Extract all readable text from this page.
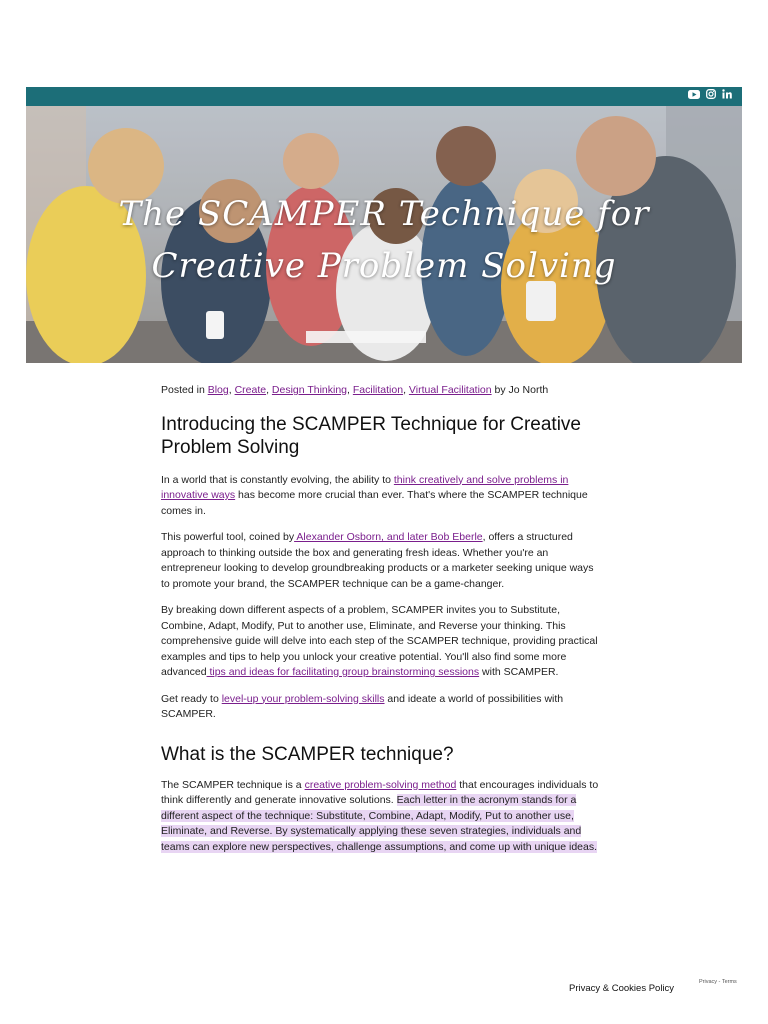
The SCAMPER Technique for Creative Problem Solving

Posted in Blog, Create, Design Thinking, Facilitation, Virtual Facilitation by Jo North

Introducing the SCAMPER Technique for Creative Problem Solving

In a world that is constantly evolving, the ability to think creatively and solve problems in innovative ways has become more crucial than ever. That's where the SCAMPER technique comes in.

This powerful tool, coined by Alexander Osborn, and later Bob Eberle, offers a structured approach to thinking outside the box and generating fresh ideas. Whether you're an entrepreneur looking to develop groundbreaking products or a marketer seeking unique ways to promote your brand, the SCAMPER technique can be a game-changer.

By breaking down different aspects of a problem, SCAMPER invites you to Substitute, Combine, Adapt, Modify, Put to another use, Eliminate, and Reverse your thinking. This comprehensive guide will delve into each step of the SCAMPER technique, providing practical examples and tips to help you unlock your creative potential. You'll also find some more advanced tips and ideas for facilitating group brainstorming sessions with SCAMPER.

Get ready to level-up your problem-solving skills and ideate a world of possibilities with SCAMPER.

What is the SCAMPER technique?

The SCAMPER technique is a creative problem-solving method that encourages individuals to think differently and generate innovative solutions. Each letter in the acronym stands for a different aspect of the technique: Substitute, Combine, Adapt, Modify, Put to another use, Eliminate, and Reverse. By systematically applying these seven strategies, individuals and teams can explore new perspectives, challenge assumptions, and come up with unique ideas.

Privacy & Cookies Policy
Privacy - Terms
